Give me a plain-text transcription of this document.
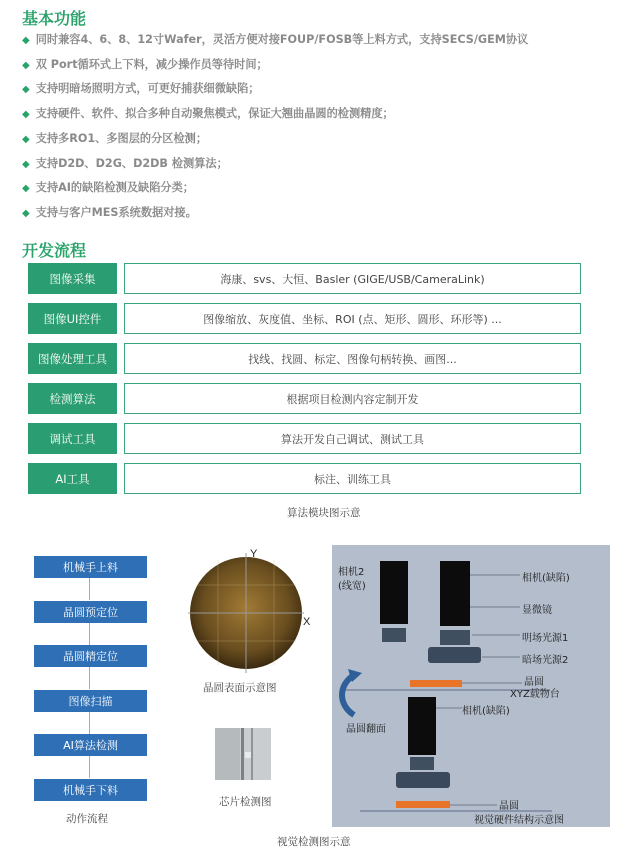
基本功能
◆ 同时兼容4、6、8、12寸Wafer，灵活方便对接FOUP/FOSB等上料方式，支持SECS/GEM协议
◆ 双 Port循环式上下料，减少操作员等待时间；
◆ 支持明暗场照明方式，可更好捕获细微缺陷；
◆ 支持硬件、软件、拟合多种自动聚焦模式，保证大翘曲晶圆的检测精度；
◆ 支持多RO1、多图层的分区检测；
◆ 支持D2D、D2G、D2DB 检测算法；
◆ 支持AI的缺陷检测及缺陷分类；
◆ 支持与客户MES系统数据对接。
开发流程
图像采集	海康、svs、大恒、Basler (GIGE/USB/CameraLink)
图像UI控件	图像缩放、灰度值、坐标、ROI (点、矩形、圆形、环形等) ...
图像处理工具	找线、找圆、标定、图像句柄转换、画图...
检测算法	根据项目检测内容定制开发
调试工具	算法开发自己调试、测试工具
AI工具	标注、训练工具
算法模块图示意
机械手上料
晶圆预定位
晶圆精定位
图像扫描
AI算法检测
机械手下料
动作流程
Y
X
晶圆表面示意图
芯片检测图
相机2
(线宽)
相机(缺陷)
显微镜
明场光源1
暗场光源2
晶圆
XYZ载物台
晶圆翻面
相机(缺陷)
晶圆
视觉硬件结构示意图
视觉检测图示意
